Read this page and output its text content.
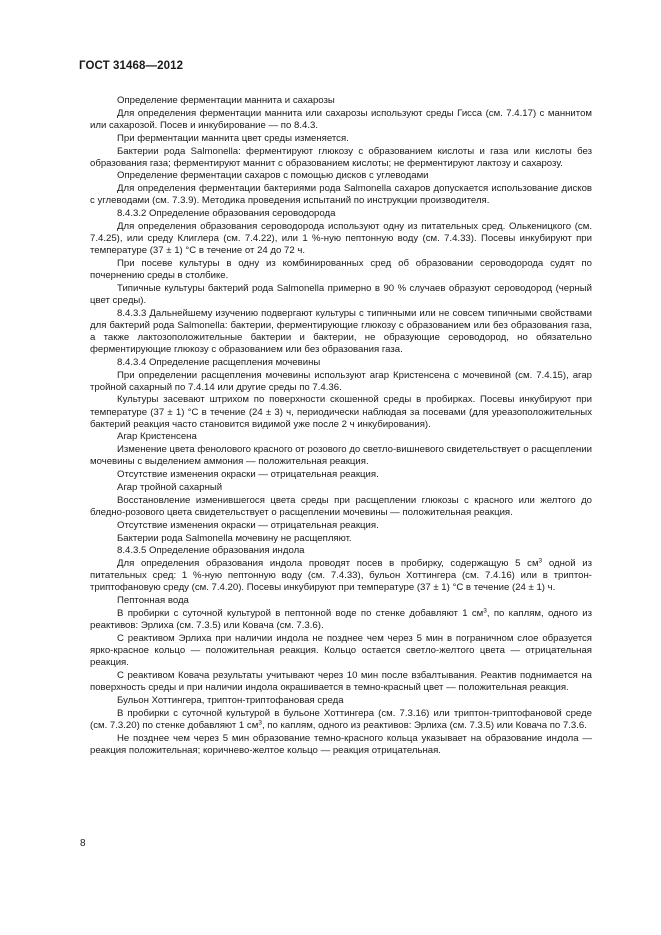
ГОСТ 31468—2012

Определение ферментации маннита и сахарозы

Для определения ферментации маннита или сахарозы используют среды Гисса (см. 7.4.17) с маннитом или сахарозой. Посев и инкубирование — по 8.4.3.

При ферментации маннита цвет среды изменяется.

Бактерии рода Salmonella: ферментируют глюкозу с образованием кислоты и газа или кислоты без образования газа; ферментируют маннит с образованием кислоты; не ферментируют лактозу и сахарозу.

Определение ферментации сахаров с помощью дисков с углеводами

Для определения ферментации бактериями рода Salmonella сахаров допускается использование дисков с углеводами (см. 7.3.9). Методика проведения испытаний по инструкции производителя.

8.4.3.2 Определение образования сероводорода

Для определения образования сероводорода используют одну из питательных сред. Олькеницкого (см. 7.4.25), или среду Клиглера (см. 7.4.22), или 1 %-ную пептонную воду (см. 7.4.33). Посевы инкубируют при температуре (37 ± 1) °С в течение от 24 до 72 ч.

При посеве культуры в одну из комбинированных сред об образовании сероводорода судят по почернению среды в столбике.

Типичные культуры бактерий рода Salmonella примерно в 90 % случаев образуют сероводород (черный цвет среды).

8.4.3.3 Дальнейшему изучению подвергают культуры с типичными или не совсем типичными свойствами для бактерий рода Salmonella: бактерии, ферментирующие глюкозу с образованием или без образования газа, а также лактозоположительные бактерии и бактерии, не образующие сероводород, но обязательно ферментирующие глюкозу с образованием или без образования газа.

8.4.3.4 Определение расщепления мочевины

При определении расщепления мочевины используют агар Кристенсена с мочевиной (см. 7.4.15), агар тройной сахарный по 7.4.14 или другие среды по 7.4.36.

Культуры засевают штрихом по поверхности скошенной среды в пробирках. Посевы инкубируют при температуре (37 ± 1) °С в течение (24 ± 3) ч, периодически наблюдая за посевами (для уреазоположительных бактерий реакция часто становится видимой уже после 2 ч инкубирования).

Агар Кристенсена

Изменение цвета фенолового красного от розового до светло-вишневого свидетельствует о расщеплении мочевины с выделением аммония — положительная реакция.

Отсутствие изменения окраски — отрицательная реакция.

Агар тройной сахарный

Восстановление изменившегося цвета среды при расщеплении глюкозы с красного или желтого до бледно-розового цвета свидетельствует о расщеплении мочевины — положительная реакция.

Отсутствие изменения окраски — отрицательная реакция.

Бактерии рода Salmonella мочевину не расщепляют.

8.4.3.5 Определение образования индола

Для определения образования индола проводят посев в пробирку, содержащую 5 $см^3$ одной из питательных сред: 1 %-ную пептонную воду (см. 7.4.33), бульон Хоттингера (см. 7.4.16) или в триптон-триптофановую среду (см. 7.4.20). Посевы инкубируют при температуре (37 ± 1) °С в течение (24 ± 1) ч.

Пептонная вода

В пробирки с суточной культурой в пептонной воде по стенке добавляют 1 $см^3$, по каплям, одного из реактивов: Эрлиха (см. 7.3.5) или Ковача (см. 7.3.6).

С реактивом Эрлиха при наличии индола не позднее чем через 5 мин в пограничном слое образуется ярко-красное кольцо — положительная реакция. Кольцо остается светло-желтого цвета — отрицательная реакция.

С реактивом Ковача результаты учитывают через 10 мин после взбалтывания. Реактив поднимается на поверхность среды и при наличии индола окрашивается в темно-красный цвет — положительная реакция.

Бульон Хоттингера, триптон-триптофановая среда

В пробирки с суточной культурой в бульоне Хоттингера (см. 7.3.16) или триптон-триптофановой среде (см. 7.3.20) по стенке добавляют 1 $см^3$, по каплям, одного из реактивов: Эрлиха (см. 7.3.5) или Ковача по 7.3.6.

Не позднее чем через 5 мин образование темно-красного кольца указывает на образование индола — реакция положительная; коричнево-желтое кольцо — реакция отрицательная.

8
